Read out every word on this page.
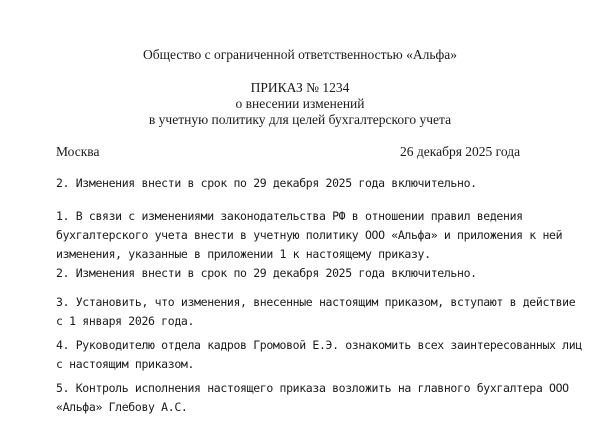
Общество с ограниченной ответственностью «Альфа»
ПРИКАЗ № 1234
о внесении изменений
в учетную политику для целей бухгалтерского учета
Москва	26 декабря 2025 года
2. Изменения внести в срок по 29 декабря 2025 года включительно.
1. В связи с изменениями законодательства РФ в отношении правил ведения
бухгалтерского учета внести в учетную политику ООО «Альфа» и приложения к ней
изменения, указанные в приложении 1 к настоящему приказу.
2. Изменения внести в срок по 29 декабря 2025 года включительно.
3. Установить, что изменения, внесенные настоящим приказом, вступают в действие
с 1 января 2026 года.
4. Руководителю отдела кадров Громовой Е.Э. ознакомить всех заинтересованных лиц
с настоящим приказом.
5. Контроль исполнения настоящего приказа возложить на главного бухгалтера ООО
«Альфа» Глебову А.С.
